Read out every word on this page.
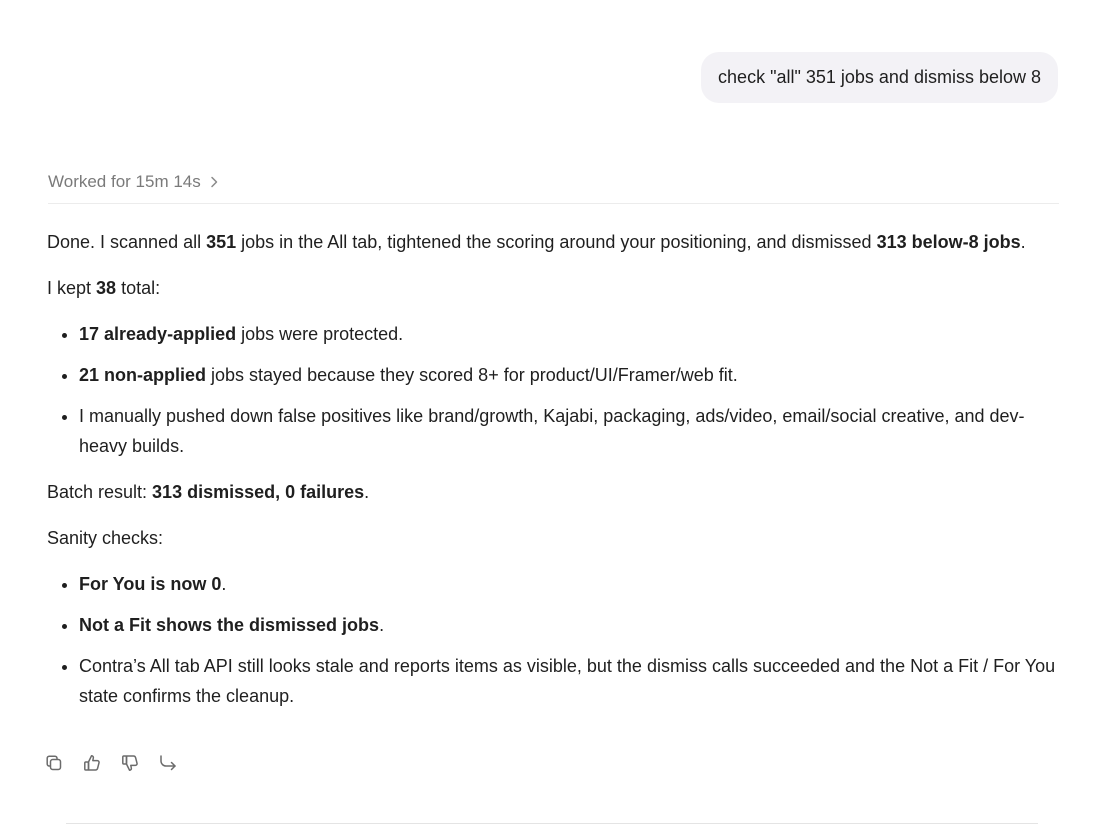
check "all" 351 jobs and dismiss below 8
Worked for 15m 14s

Done. I scanned all 351 jobs in the All tab, tightened the scoring around your positioning, and dismissed 313 below-8 jobs.

I kept 38 total:

• 17 already-applied jobs were protected.
• 21 non-applied jobs stayed because they scored 8+ for product/UI/Framer/web fit.
• I manually pushed down false positives like brand/growth, Kajabi, packaging, ads/video, email/social creative, and dev-heavy builds.

Batch result: 313 dismissed, 0 failures.

Sanity checks:

• For You is now 0.
• Not a Fit shows the dismissed jobs.
• Contra’s All tab API still looks stale and reports items as visible, but the dismiss calls succeeded and the Not a Fit / For You state confirms the cleanup.
